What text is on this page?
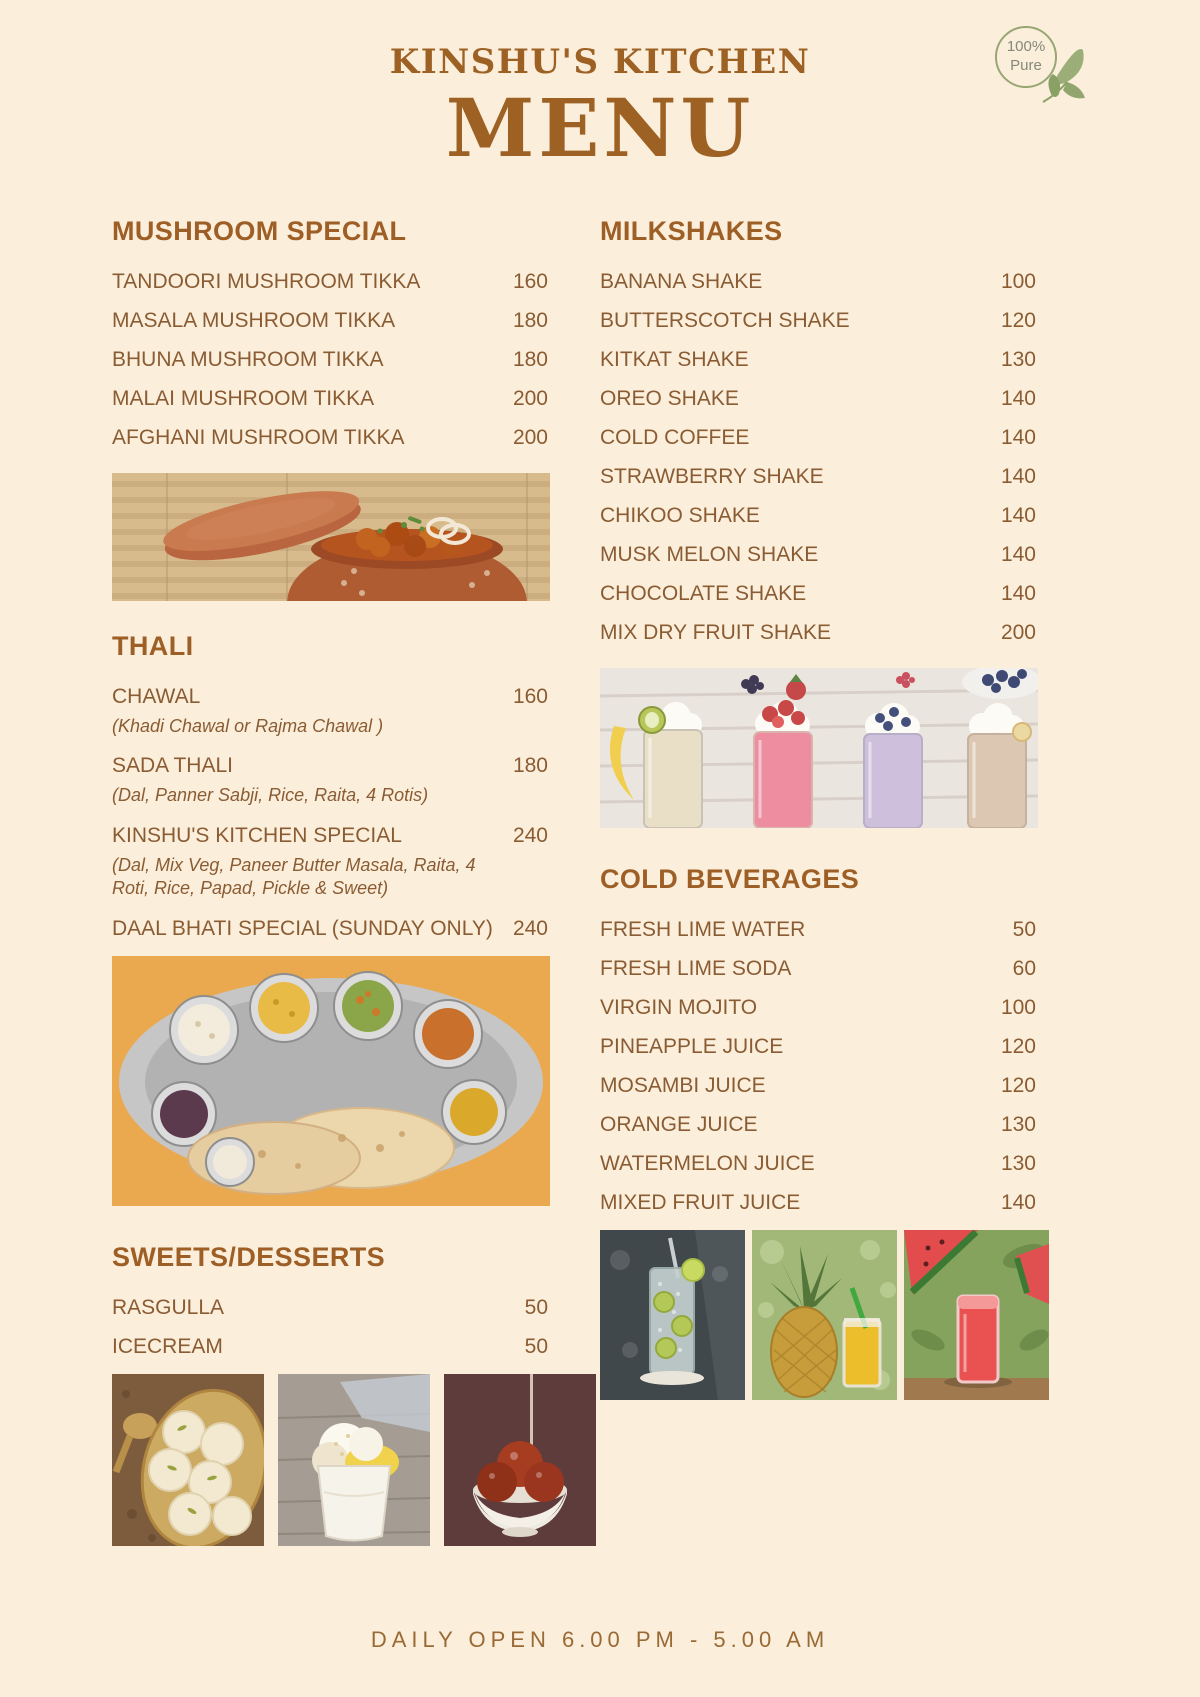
KINSHU'S KITCHEN
MENU
100%
Pure
MUSHROOM SPECIAL
TANDOORI MUSHROOM TIKKA	160
MASALA MUSHROOM TIKKA	180
BHUNA MUSHROOM TIKKA	180
MALAI MUSHROOM TIKKA	200
AFGHANI MUSHROOM TIKKA	200
THALI
CHAWAL	160
(Khadi Chawal or Rajma Chawal )
SADA THALI	180
(Dal, Panner Sabji, Rice, Raita, 4 Rotis)
KINSHU'S KITCHEN SPECIAL	240
(Dal, Mix Veg, Paneer Butter Masala, Raita, 4 Roti, Rice, Papad, Pickle & Sweet)
DAAL BHATI SPECIAL (SUNDAY ONLY) 240
SWEETS/DESSERTS
RASGULLA	50
ICECREAM	50
MILKSHAKES
BANANA SHAKE	100
BUTTERSCOTCH SHAKE	120
KITKAT SHAKE	130
OREO SHAKE	140
COLD COFFEE	140
STRAWBERRY SHAKE	140
CHIKOO SHAKE	140
MUSK MELON SHAKE	140
CHOCOLATE SHAKE	140
MIX DRY FRUIT SHAKE	200
COLD BEVERAGES
FRESH LIME WATER	50
FRESH LIME SODA	60
VIRGIN MOJITO	100
PINEAPPLE JUICE	120
MOSAMBI JUICE	120
ORANGE JUICE	130
WATERMELON JUICE	130
MIXED FRUIT JUICE	140
DAILY OPEN 6.00 PM - 5.00 AM
